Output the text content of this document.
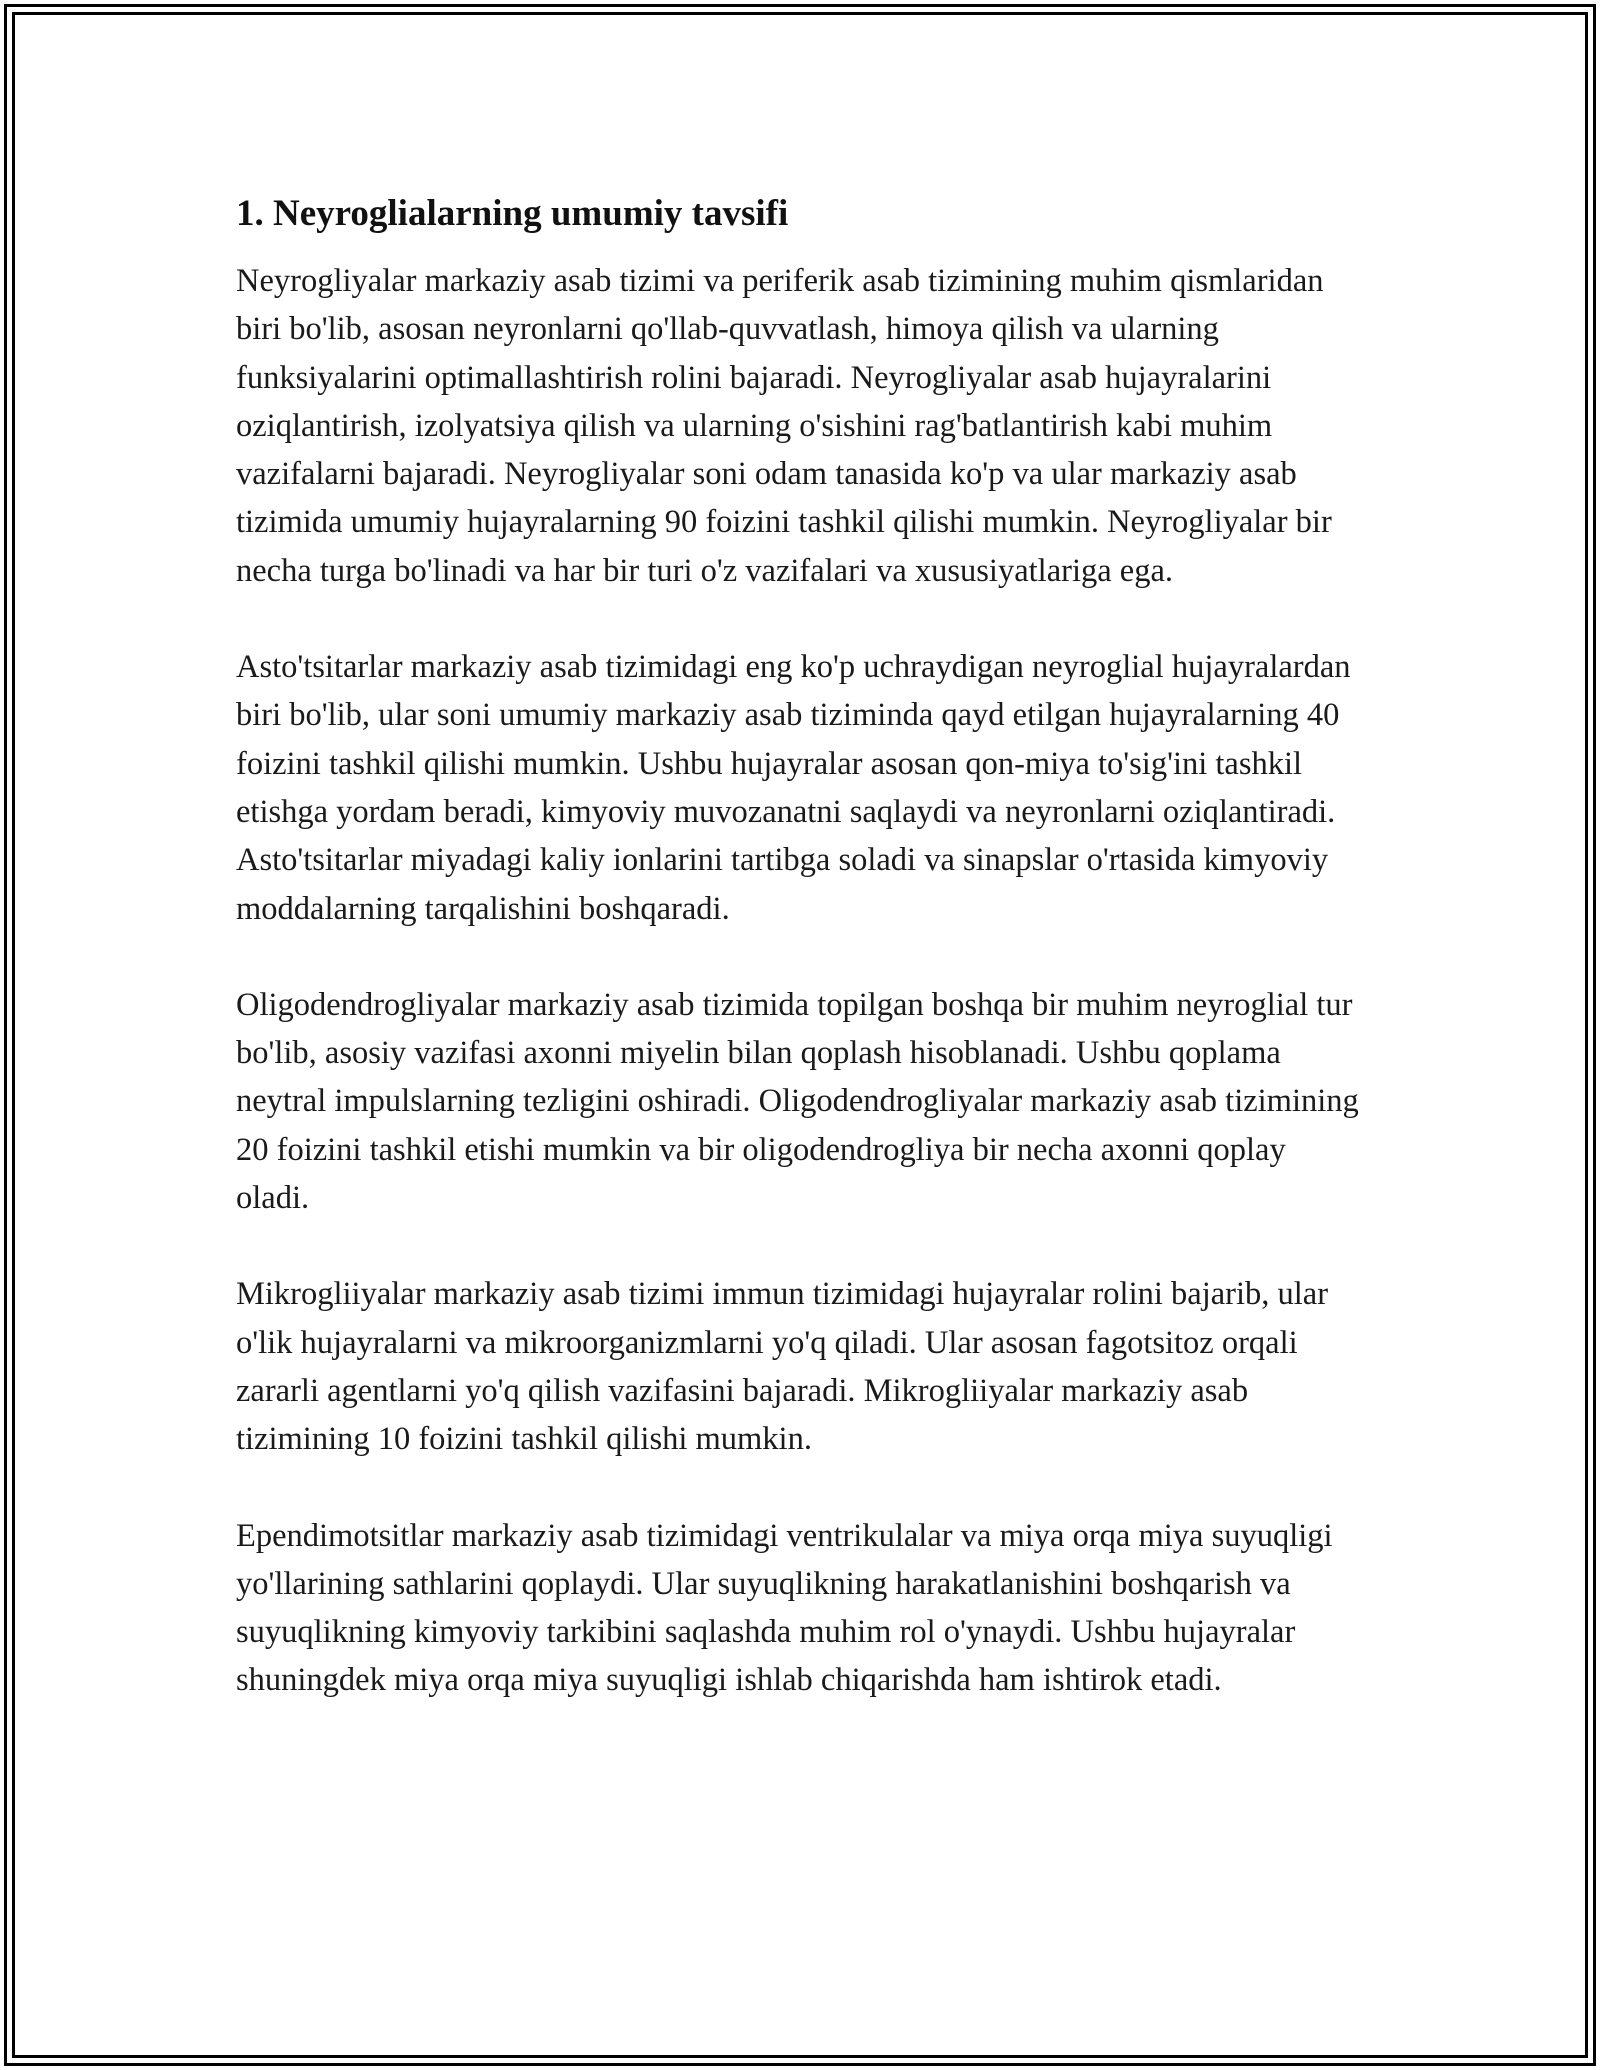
1. Neyroglialarning umumiy tavsifi

Neyrogliyalar markaziy asab tizimi va periferik asab tizimining muhim qismlaridan biri bo'lib, asosan neyronlarni qo'llab-quvvatlash, himoya qilish va ularning funksiyalarini optimallashtirish rolini bajaradi. Neyrogliyalar asab hujayralarini oziqlantirish, izolyatsiya qilish va ularning o'sishini rag'batlantirish kabi muhim vazifalarni bajaradi. Neyrogliyalar soni odam tanasida ko'p va ular markaziy asab tizimida umumiy hujayralarning 90 foizini tashkil qilishi mumkin. Neyrogliyalar bir necha turga bo'linadi va har bir turi o'z vazifalari va xususiyatlariga ega.

Asto'tsitarlar markaziy asab tizimidagi eng ko'p uchraydigan neyroglial hujayralardan biri bo'lib, ular soni umumiy markaziy asab tiziminda qayd etilgan hujayralarning 40 foizini tashkil qilishi mumkin. Ushbu hujayralar asosan qon-miya to'sig'ini tashkil etishga yordam beradi, kimyoviy muvozanatni saqlaydi va neyronlarni oziqlantiradi. Asto'tsitarlar miyadagi kaliy ionlarini tartibga soladi va sinapslar o'rtasida kimyoviy moddalarning tarqalishini boshqaradi.

Oligodendrogliyalar markaziy asab tizimida topilgan boshqa bir muhim neyroglial tur bo'lib, asosiy vazifasi axonni miyelin bilan qoplash hisoblanadi. Ushbu qoplama neytral impulslarning tezligini oshiradi. Oligodendrogliyalar markaziy asab tizimining 20 foizini tashkil etishi mumkin va bir oligodendrogliya bir necha axonni qoplay oladi.

Mikrogliiyalar markaziy asab tizimi immun tizimidagi hujayralar rolini bajarib, ular o'lik hujayralarni va mikroorganizmlarni yo'q qiladi. Ular asosan fagotsitoz orqali zararli agentlarni yo'q qilish vazifasini bajaradi. Mikrogliiyalar markaziy asab tizimining 10 foizini tashkil qilishi mumkin.

Ependimotsitlar markaziy asab tizimidagi ventrikulalar va miya orqa miya suyuqligi yo'llarining sathlarini qoplaydi. Ular suyuqlikning harakatlanishini boshqarish va suyuqlikning kimyoviy tarkibini saqlashda muhim rol o'ynaydi. Ushbu hujayralar shuningdek miya orqa miya suyuqligi ishlab chiqarishda ham ishtirok etadi.
